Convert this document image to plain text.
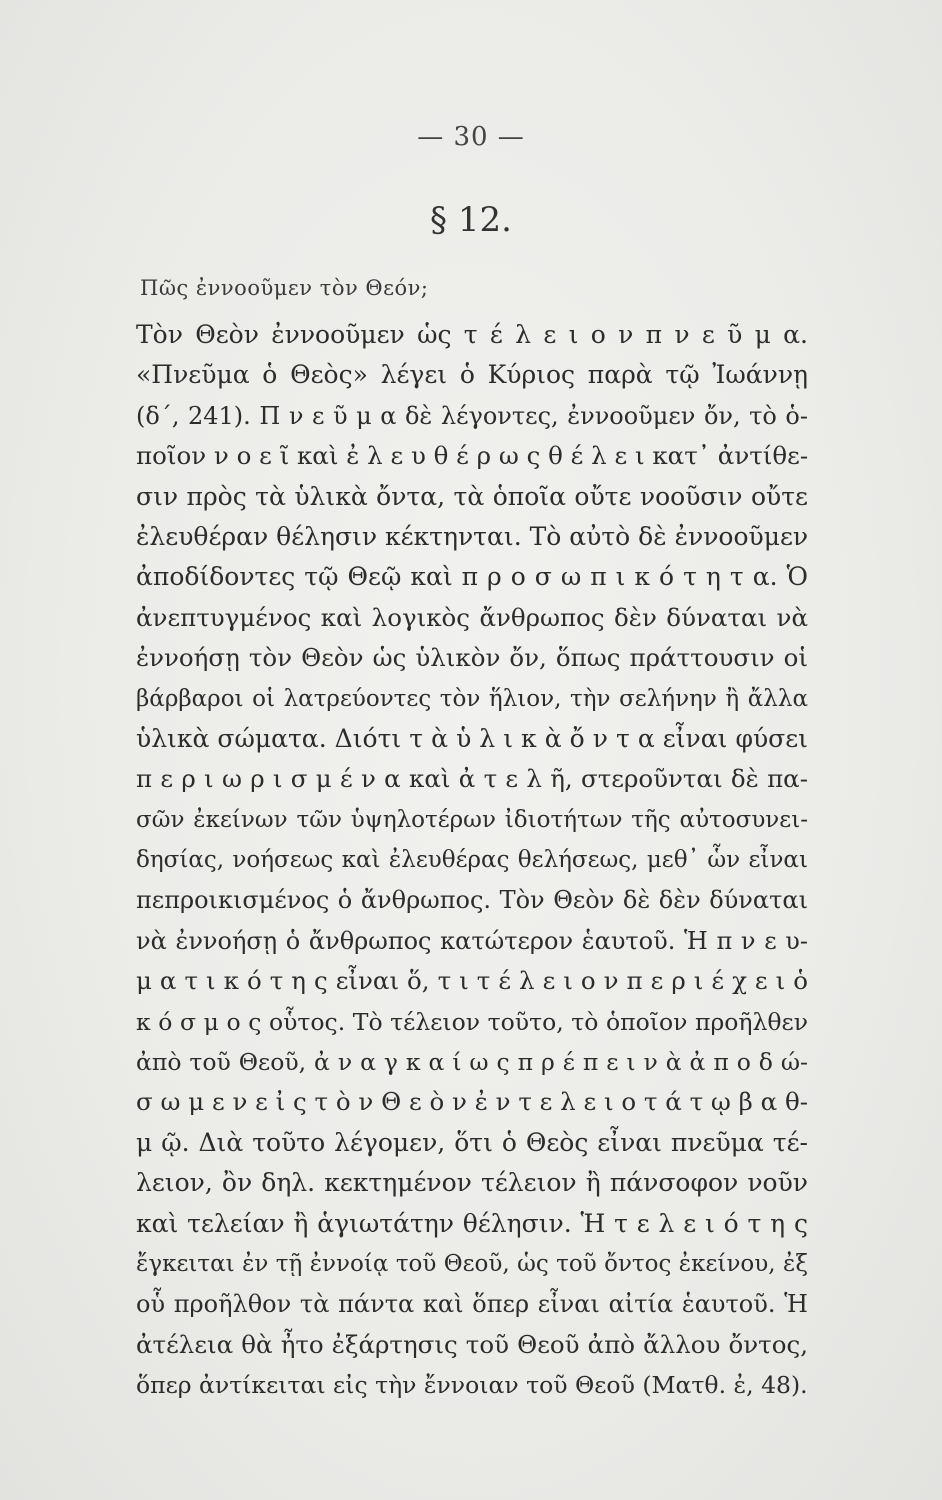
— 30 —
§ 12.
Πῶς ἐννοοῦμεν τὸν Θεόν;
Τὸν Θεὸν ἐννοοῦμεν ὡς τ έ λ ε ι ο ν π ν ε ῦ μ α.
«Πνεῦμα ὁ Θεὸς» λέγει ὁ Κύριος παρὰ τῷ Ἰωάννῃ
(δ΄, 241). Π ν ε ῦ μ α δὲ λέγοντες, ἐννοοῦμεν ὄν, τὸ ὁ-
ποῖον ν ο ε ῖ καὶ ἐ λ ε υ θ έ ρ ω ς θ έ λ ε ι κατ᾽ ἀντίθε-
σιν πρὸς τὰ ὑλικὰ ὄντα, τὰ ὁποῖα οὔτε νοοῦσιν οὔτε
ἐλευθέραν θέλησιν κέκτηνται. Τὸ αὐτὸ δὲ ἐννοοῦμεν
ἀποδίδοντες τῷ Θεῷ καὶ π ρ ο σ ω π ι κ ό τ η τ α. Ὁ
ἀνεπτυγμένος καὶ λογικὸς ἄνθρωπος δὲν δύναται νὰ
ἐννοήσῃ τὸν Θεὸν ὡς ὑλικὸν ὄν, ὅπως πράττουσιν οἱ
βάρβαροι οἱ λατρεύοντες τὸν ἥλιον, τὴν σελήνην ἢ ἄλλα
ὑλικὰ σώματα. Διότι τ ὰ ὑ λ ι κ ὰ ὄ ν τ α εἶναι φύσει
π ε ρ ι ω ρ ι σ μ έ ν α καὶ ἀ τ ε λ ῆ, στεροῦνται δὲ πα-
σῶν ἐκείνων τῶν ὑψηλοτέρων ἰδιοτήτων τῆς αὐτοσυνει-
δησίας, νοήσεως καὶ ἐλευθέρας θελήσεως, μεθ᾽ ὧν εἶναι
πεπροικισμένος ὁ ἄνθρωπος. Τὸν Θεὸν δὲ δὲν δύναται
νὰ ἐννοήσῃ ὁ ἄνθρωπος κατώτερον ἑαυτοῦ. Ἡ π ν ε υ-
μ α τ ι κ ό τ η ς εἶναι ὅ, τ ι τ έ λ ε ι ο ν π ε ρ ι έ χ ε ι ὁ
κ ό σ μ ο ς οὗτος. Τὸ τέλειον τοῦτο, τὸ ὁποῖον προῆλθεν
ἀπὸ τοῦ Θεοῦ, ἀ ν α γ κ α ί ω ς π ρ έ π ε ι ν ὰ ἀ π ο δ ώ-
σ ω μ ε ν ε ἰ ς τ ὸ ν Θ ε ὸ ν ἐ ν τ ε λ ε ι ο τ ά τ ῳ β α θ-
μ ῷ. Διὰ τοῦτο λέγομεν, ὅτι ὁ Θεὸς εἶναι πνεῦμα τέ-
λειον, ὂν δηλ. κεκτημένον τέλειον ἢ πάνσοφον νοῦν
καὶ τελείαν ἢ ἁγιωτάτην θέλησιν. Ἡ τ ε λ ε ι ό τ η ς
ἔγκειται ἐν τῇ ἐννοίᾳ τοῦ Θεοῦ, ὡς τοῦ ὄντος ἐκείνου, ἐξ
οὗ προῆλθον τὰ πάντα καὶ ὅπερ εἶναι αἰτία ἑαυτοῦ. Ἡ
ἀτέλεια θὰ ἦτο ἐξάρτησις τοῦ Θεοῦ ἀπὸ ἄλλου ὄντος,
ὅπερ ἀντίκειται εἰς τὴν ἔννοιαν τοῦ Θεοῦ (Ματθ. ἐ, 48).
